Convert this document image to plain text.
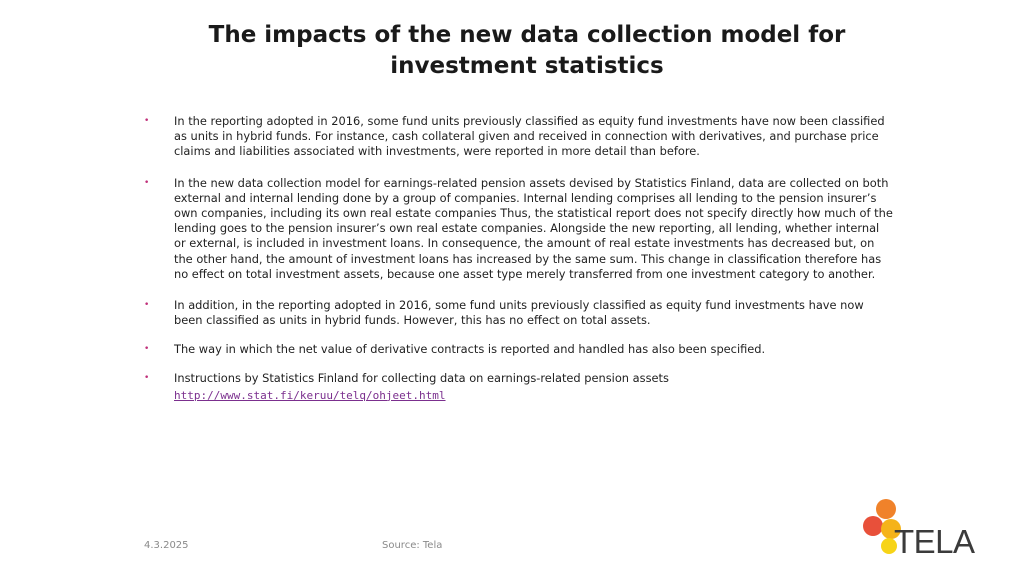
The impacts of the new data collection model for investment statistics
• In the reporting adopted in 2016, some fund units previously classified as equity fund investments have now been classified as units in hybrid funds. For instance, cash collateral given and received in connection with derivatives, and purchase price claims and liabilities associated with investments, were reported in more detail than before.
• In the new data collection model for earnings-related pension assets devised by Statistics Finland, data are collected on both external and internal lending done by a group of companies. Internal lending comprises all lending to the pension insurer’s own companies, including its own real estate companies Thus, the statistical report does not specify directly how much of the lending goes to the pension insurer’s own real estate companies. Alongside the new reporting, all lending, whether internal or external, is included in investment loans. In consequence, the amount of real estate investments has decreased but, on the other hand, the amount of investment loans has increased by the same sum. This change in classification therefore has no effect on total investment assets, because one asset type merely transferred from one investment category to another.
• In addition, in the reporting adopted in 2016, some fund units previously classified as equity fund investments have now been classified as units in hybrid funds. However, this has no effect on total assets.
• The way in which the net value of derivative contracts is reported and handled has also been specified.
• Instructions by Statistics Finland for collecting data on earnings-related pension assets
http://www.stat.fi/keruu/telq/ohjeet.html
4.3.2025	Source: Tela	TELA
